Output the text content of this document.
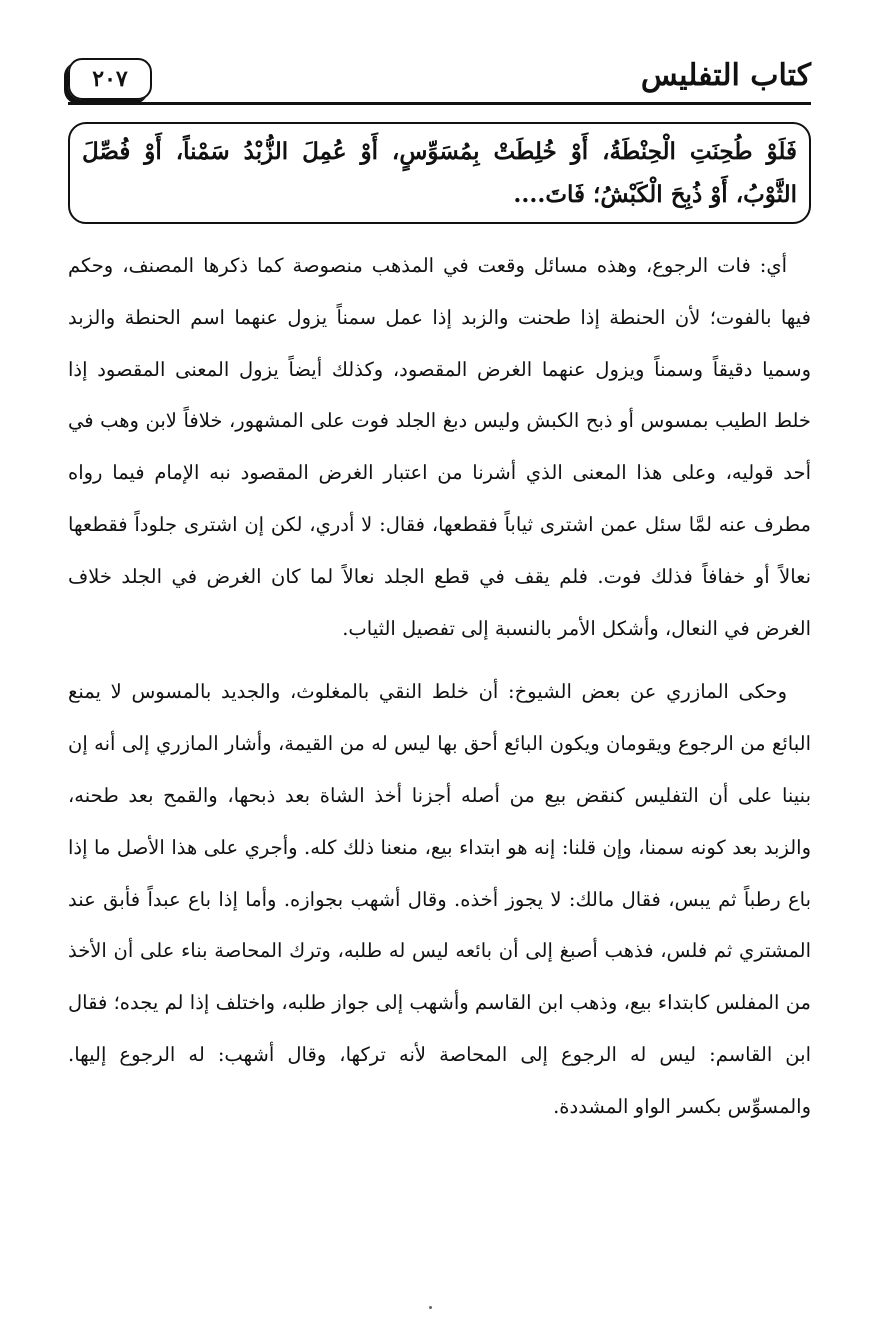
كتاب التفليس
٢٠٧

فَلَوْ طُحِنَتِ الْحِنْطَةُ، أَوْ خُلِطَتْ بِمُسَوِّسٍ، أَوْ عُمِلَ الزُّبْدُ سَمْناً، أَوْ فُصِّلَ الثَّوْبُ، أَوْ ذُبِحَ الْكَبْشُ؛ فَاتَ....

أي: فات الرجوع، وهذه مسائل وقعت في المذهب منصوصة كما ذكرها المصنف، وحكم فيها بالفوت؛ لأن الحنطة إذا طحنت والزبد إذا عمل سمناً يزول عنهما اسم الحنطة والزبد وسميا دقيقاً وسمناً ويزول عنهما الغرض المقصود، وكذلك أيضاً يزول المعنى المقصود إذا خلط الطيب بمسوس أو ذبح الكبش وليس دبغ الجلد فوت على المشهور، خلافاً لابن وهب في أحد قوليه، وعلى هذا المعنى الذي أشرنا من اعتبار الغرض المقصود نبه الإمام فيما رواه مطرف عنه لمَّا سئل عمن اشترى ثياباً فقطعها، فقال: لا أدري، لكن إن اشترى جلوداً فقطعها نعالاً أو خفافاً فذلك فوت. فلم يقف في قطع الجلد نعالاً لما كان الغرض في الجلد خلاف الغرض في النعال، وأشكل الأمر بالنسبة إلى تفصيل الثياب.

وحكى المازري عن بعض الشيوخ: أن خلط النقي بالمغلوث، والجديد بالمسوس لا يمنع البائع من الرجوع ويقومان ويكون البائع أحق بها ليس له من القيمة، وأشار المازري إلى أنه إن بنينا على أن التفليس كنقض بيع من أصله أجزنا أخذ الشاة بعد ذبحها، والقمح بعد طحنه، والزبد بعد كونه سمنا، وإن قلنا: إنه هو ابتداء بيع، منعنا ذلك كله. وأجري على هذا الأصل ما إذا باع رطباً ثم يبس، فقال مالك: لا يجوز أخذه. وقال أشهب بجوازه. وأما إذا باع عبداً فأبق عند المشتري ثم فلس، فذهب أصبغ إلى أن بائعه ليس له طلبه، وترك المحاصة بناء على أن الأخذ من المفلس كابتداء بيع، وذهب ابن القاسم وأشهب إلى جواز طلبه، واختلف إذا لم يجده؛ فقال ابن القاسم: ليس له الرجوع إلى المحاصة لأنه تركها، وقال أشهب: له الرجوع إليها. والمسوِّس بكسر الواو المشددة.
